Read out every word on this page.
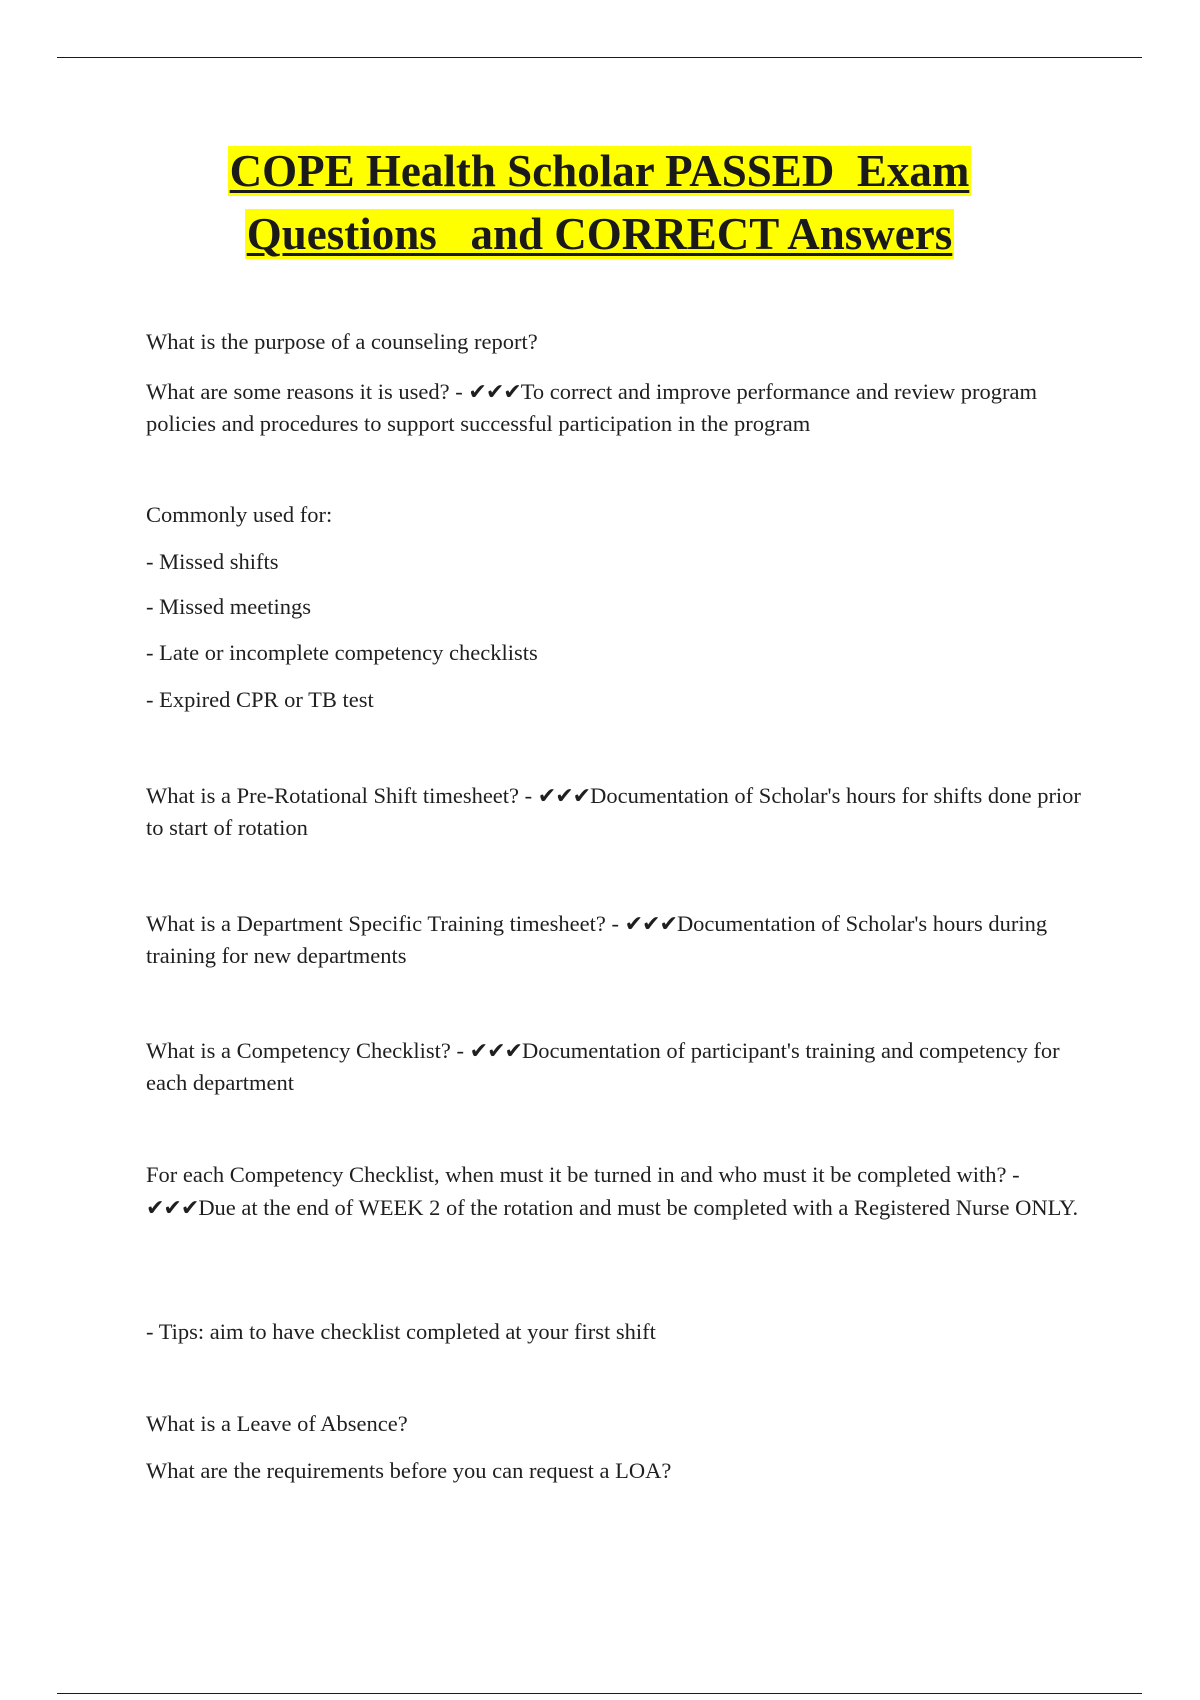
COPE Health Scholar PASSED  Exam
Questions   and CORRECT Answers

What is the purpose of a counseling report?

What are some reasons it is used? - ✔✔✔To correct and improve performance and review program policies and procedures to support successful participation in the program

Commonly used for:

- Missed shifts

- Missed meetings

- Late or incomplete competency checklists

- Expired CPR or TB test

What is a Pre-Rotational Shift timesheet? - ✔✔✔Documentation of Scholar's hours for shifts done prior to start of rotation

What is a Department Specific Training timesheet? - ✔✔✔Documentation of Scholar's hours during training for new departments

What is a Competency Checklist? - ✔✔✔Documentation of participant's training and competency for each department

For each Competency Checklist, when must it be turned in and who must it be completed with? - ✔✔✔Due at the end of WEEK 2 of the rotation and must be completed with a Registered Nurse ONLY.

- Tips: aim to have checklist completed at your first shift

What is a Leave of Absence?

What are the requirements before you can request a LOA?
